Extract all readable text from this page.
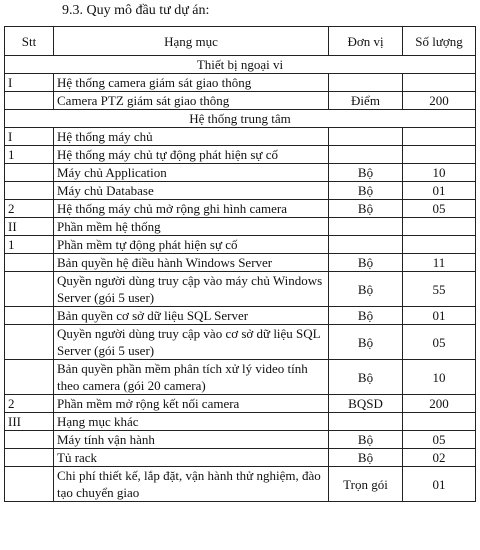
9.3. Quy mô đầu tư dự án:
Stt	Hạng mục	Đơn vị	Số lượng
Thiết bị ngoại vi			
I	Hệ thống camera giám sát giao thông		
	Camera PTZ giám sát giao thông	Điểm	200
Hệ thống trung tâm			
I	Hệ thống máy chủ		
1	Hệ thống máy chủ tự động phát hiện sự cố		
	Máy chủ Application	Bộ	10
	Máy chủ Database	Bộ	01
2	Hệ thống máy chủ mở rộng ghi hình camera	Bộ	05
II	Phần mềm hệ thống		
1	Phần mềm tự động phát hiện sự cố		
	Bản quyền hệ điều hành Windows Server	Bộ	11
	Quyền người dùng truy cập vào máy chủ Windows Server (gói 5 user)	Bộ	55
	Bản quyền cơ sở dữ liệu SQL Server	Bộ	01
	Quyền người dùng truy cập vào cơ sở dữ liệu SQL Server (gói 5 user)	Bộ	05
	Bản quyền phần mềm phân tích xử lý video tính theo camera (gói 20 camera)	Bộ	10
2	Phần mềm mở rộng kết nối camera	BQSD	200
III	Hạng mục khác		
	Máy tính vận hành	Bộ	05
	Tủ rack	Bộ	02
	Chi phí thiết kế, lắp đặt, vận hành thử nghiệm, đào tạo chuyển giao	Trọn gói	01
